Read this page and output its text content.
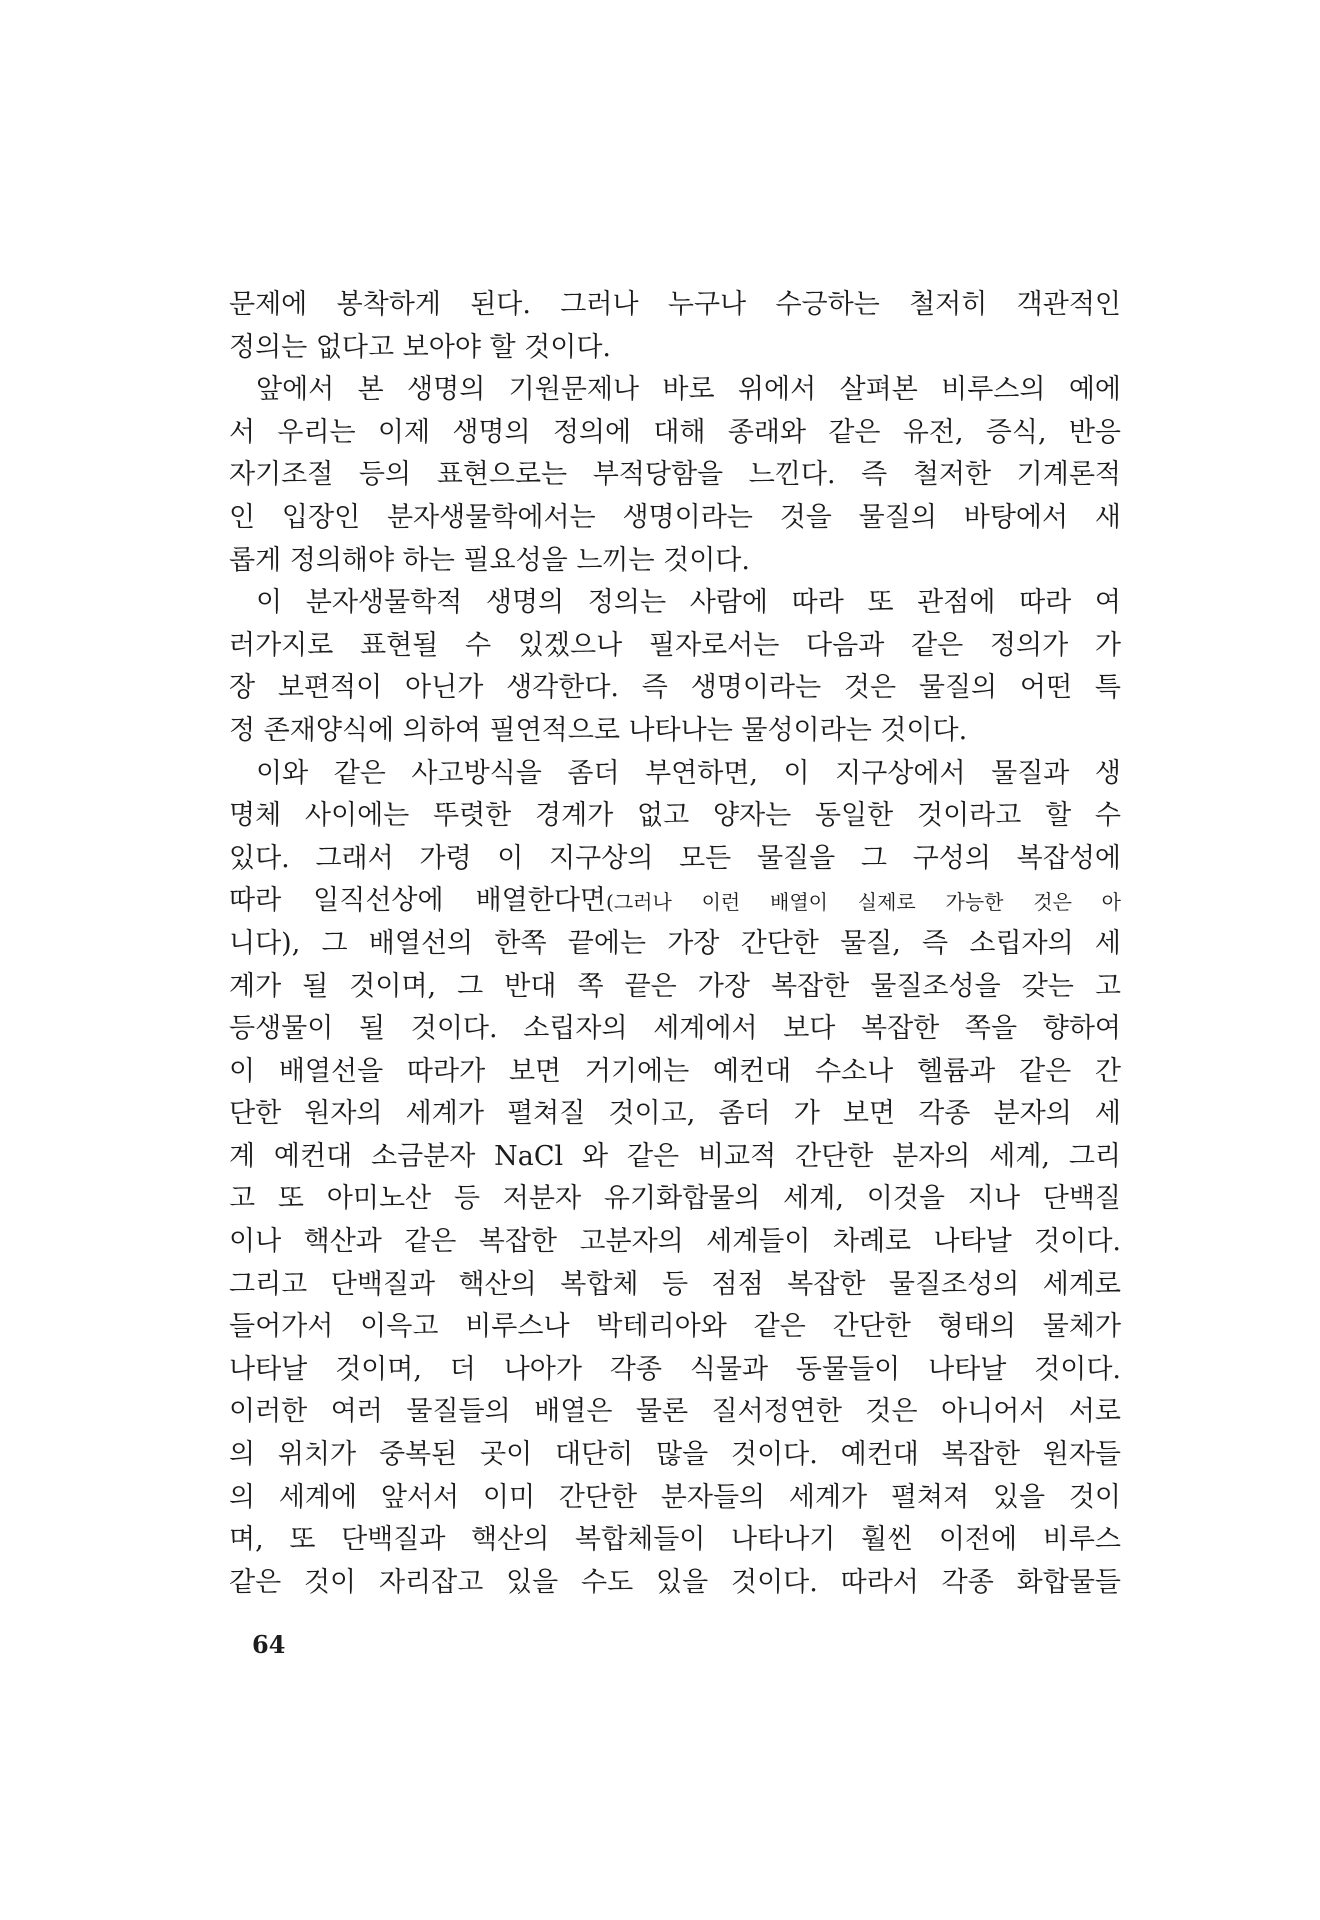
문제에 봉착하게 된다. 그러나 누구나 수긍하는 철저히 객관적인
정의는 없다고 보아야 할 것이다.
앞에서 본 생명의 기원문제나 바로 위에서 살펴본 비루스의 예에
서 우리는 이제 생명의 정의에 대해 종래와 같은 유전, 증식, 반응
자기조절 등의 표현으로는 부적당함을 느낀다. 즉 철저한 기계론적
인 입장인 분자생물학에서는 생명이라는 것을 물질의 바탕에서 새
롭게 정의해야 하는 필요성을 느끼는 것이다.
이 분자생물학적 생명의 정의는 사람에 따라 또 관점에 따라 여
러가지로 표현될 수 있겠으나 필자로서는 다음과 같은 정의가 가
장 보편적이 아닌가 생각한다. 즉 생명이라는 것은 물질의 어떤 특
정 존재양식에 의하여 필연적으로 나타나는 물성이라는 것이다.
이와 같은 사고방식을 좀더 부연하면, 이 지구상에서 물질과 생
명체 사이에는 뚜렷한 경계가 없고 양자는 동일한 것이라고 할 수
있다. 그래서 가령 이 지구상의 모든 물질을 그 구성의 복잡성에
따라 일직선상에 배열한다면(그러나 이런 배열이 실제로 가능한 것은 아
니다), 그 배열선의 한쪽 끝에는 가장 간단한 물질, 즉 소립자의 세
계가 될 것이며, 그 반대 쪽 끝은 가장 복잡한 물질조성을 갖는 고
등생물이 될 것이다. 소립자의 세계에서 보다 복잡한 쪽을 향하여
이 배열선을 따라가 보면 거기에는 예컨대 수소나 헬륨과 같은 간
단한 원자의 세계가 펼쳐질 것이고, 좀더 가 보면 각종 분자의 세
계 예컨대 소금분자 NaCl 와 같은 비교적 간단한 분자의 세계, 그리
고 또 아미노산 등 저분자 유기화합물의 세계, 이것을 지나 단백질
이나 핵산과 같은 복잡한 고분자의 세계들이 차례로 나타날 것이다.
그리고 단백질과 핵산의 복합체 등 점점 복잡한 물질조성의 세계로
들어가서 이윽고 비루스나 박테리아와 같은 간단한 형태의 물체가
나타날 것이며, 더 나아가 각종 식물과 동물들이 나타날 것이다.
이러한 여러 물질들의 배열은 물론 질서정연한 것은 아니어서 서로
의 위치가 중복된 곳이 대단히 많을 것이다. 예컨대 복잡한 원자들
의 세계에 앞서서 이미 간단한 분자들의 세계가 펼쳐져 있을 것이
며, 또 단백질과 핵산의 복합체들이 나타나기 훨씬 이전에 비루스
같은 것이 자리잡고 있을 수도 있을 것이다. 따라서 각종 화합물들
64
